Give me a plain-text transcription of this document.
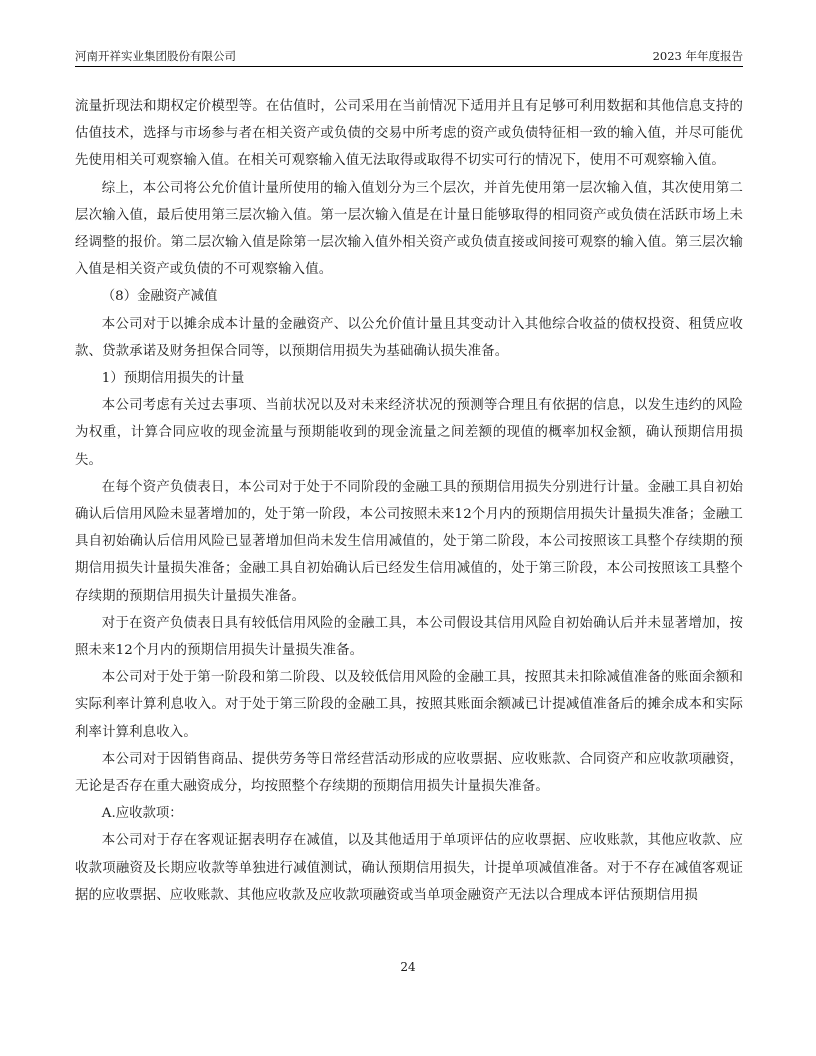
河南开祥实业集团股份有限公司	2023 年年度报告

流量折现法和期权定价模型等。在估值时，公司采用在当前情况下适用并且有足够可利用数据和其他信息支持的估值技术，选择与市场参与者在相关资产或负债的交易中所考虑的资产或负债特征相一致的输入值，并尽可能优先使用相关可观察输入值。在相关可观察输入值无法取得或取得不切实可行的情况下，使用不可观察输入值。

综上，本公司将公允价值计量所使用的输入值划分为三个层次，并首先使用第一层次输入值，其次使用第二层次输入值，最后使用第三层次输入值。第一层次输入值是在计量日能够取得的相同资产或负债在活跃市场上未经调整的报价。第二层次输入值是除第一层次输入值外相关资产或负债直接或间接可观察的输入值。第三层次输入值是相关资产或负债的不可观察输入值。

（8）金融资产减值

本公司对于以摊余成本计量的金融资产、以公允价值计量且其变动计入其他综合收益的债权投资、租赁应收款、贷款承诺及财务担保合同等，以预期信用损失为基础确认损失准备。

1）预期信用损失的计量

本公司考虑有关过去事项、当前状况以及对未来经济状况的预测等合理且有依据的信息，以发生违约的风险为权重，计算合同应收的现金流量与预期能收到的现金流量之间差额的现值的概率加权金额，确认预期信用损失。

在每个资产负债表日，本公司对于处于不同阶段的金融工具的预期信用损失分别进行计量。金融工具自初始确认后信用风险未显著增加的，处于第一阶段，本公司按照未来12个月内的预期信用损失计量损失准备；金融工具自初始确认后信用风险已显著增加但尚未发生信用减值的，处于第二阶段，本公司按照该工具整个存续期的预期信用损失计量损失准备；金融工具自初始确认后已经发生信用减值的，处于第三阶段，本公司按照该工具整个存续期的预期信用损失计量损失准备。

对于在资产负债表日具有较低信用风险的金融工具，本公司假设其信用风险自初始确认后并未显著增加，按照未来12个月内的预期信用损失计量损失准备。

本公司对于处于第一阶段和第二阶段、以及较低信用风险的金融工具，按照其未扣除减值准备的账面余额和实际利率计算利息收入。对于处于第三阶段的金融工具，按照其账面余额减已计提减值准备后的摊余成本和实际利率计算利息收入。

本公司对于因销售商品、提供劳务等日常经营活动形成的应收票据、应收账款、合同资产和应收款项融资，无论是否存在重大融资成分，均按照整个存续期的预期信用损失计量损失准备。

A.应收款项：

本公司对于存在客观证据表明存在减值，以及其他适用于单项评估的应收票据、应收账款，其他应收款、应收款项融资及长期应收款等单独进行减值测试，确认预期信用损失，计提单项减值准备。对于不存在减值客观证据的应收票据、应收账款、其他应收款及应收款项融资或当单项金融资产无法以合理成本评估预期信用损

24
